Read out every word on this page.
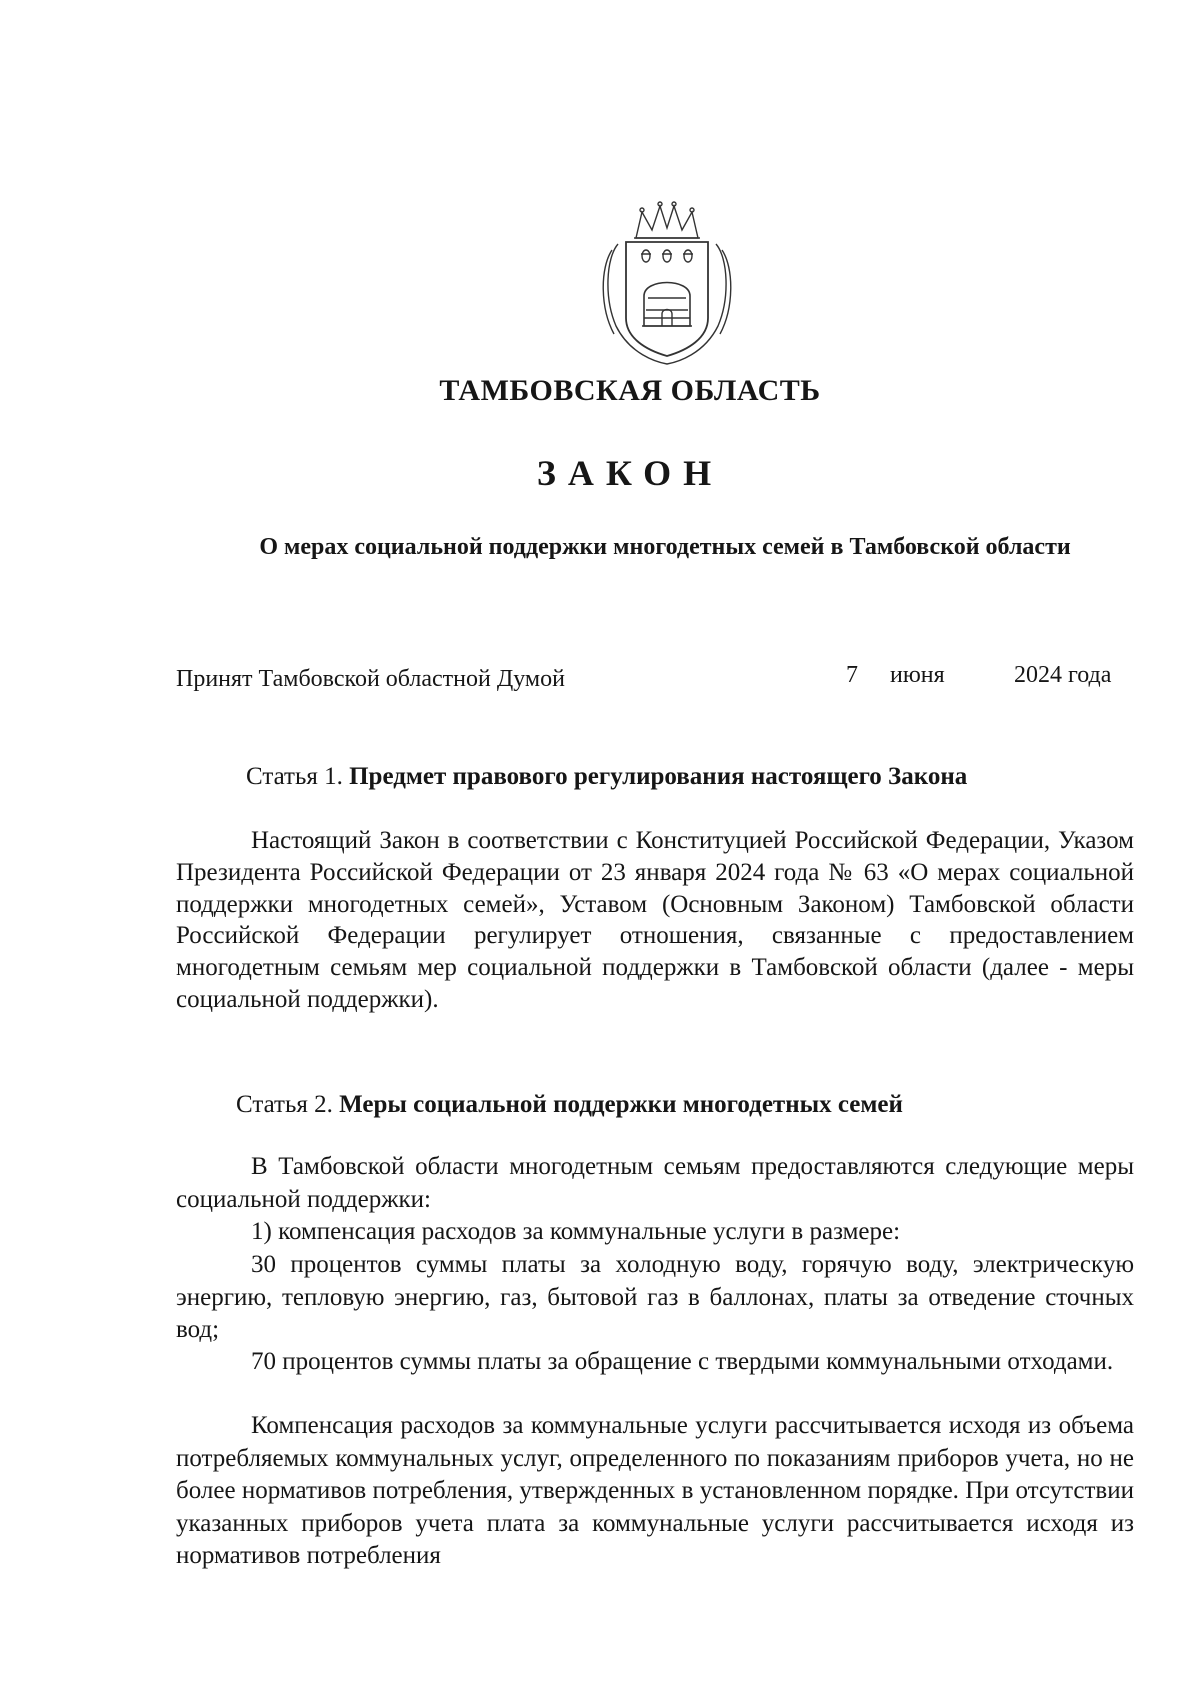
ТАМБОВСКАЯ ОБЛАСТЬ
ЗАКОН
О мерах социальной поддержки многодетных семей в Тамбовской области
Принят Тамбовской областной Думой	7 июня	2024 года
Статья 1. Предмет правового регулирования настоящего Закона

Настоящий Закон в соответствии с Конституцией Российской Федерации, Указом Президента Российской Федерации от 23 января 2024 года № 63 «О мерах социальной поддержки многодетных семей», Уставом (Основным Законом) Тамбовской области Российской Федерации регулирует отношения, связанные с предоставлением многодетным семьям мер социальной поддержки в Тамбовской области (далее - меры социальной поддержки).

Статья 2. Меры социальной поддержки многодетных семей

В Тамбовской области многодетным семьям предоставляются следующие меры социальной поддержки:

1) компенсация расходов за коммунальные услуги в размере:

30 процентов суммы платы за холодную воду, горячую воду, электрическую энергию, тепловую энергию, газ, бытовой газ в баллонах, платы за отведение сточных вод;

70 процентов суммы платы за обращение с твердыми коммунальными отходами.

Компенсация расходов за коммунальные услуги рассчитывается исходя из объема потребляемых коммунальных услуг, определенного по показаниям приборов учета, но не более нормативов потребления, утвержденных в установленном порядке. При отсутствии указанных приборов учета плата за коммунальные услуги рассчитывается исходя из нормативов потребления
